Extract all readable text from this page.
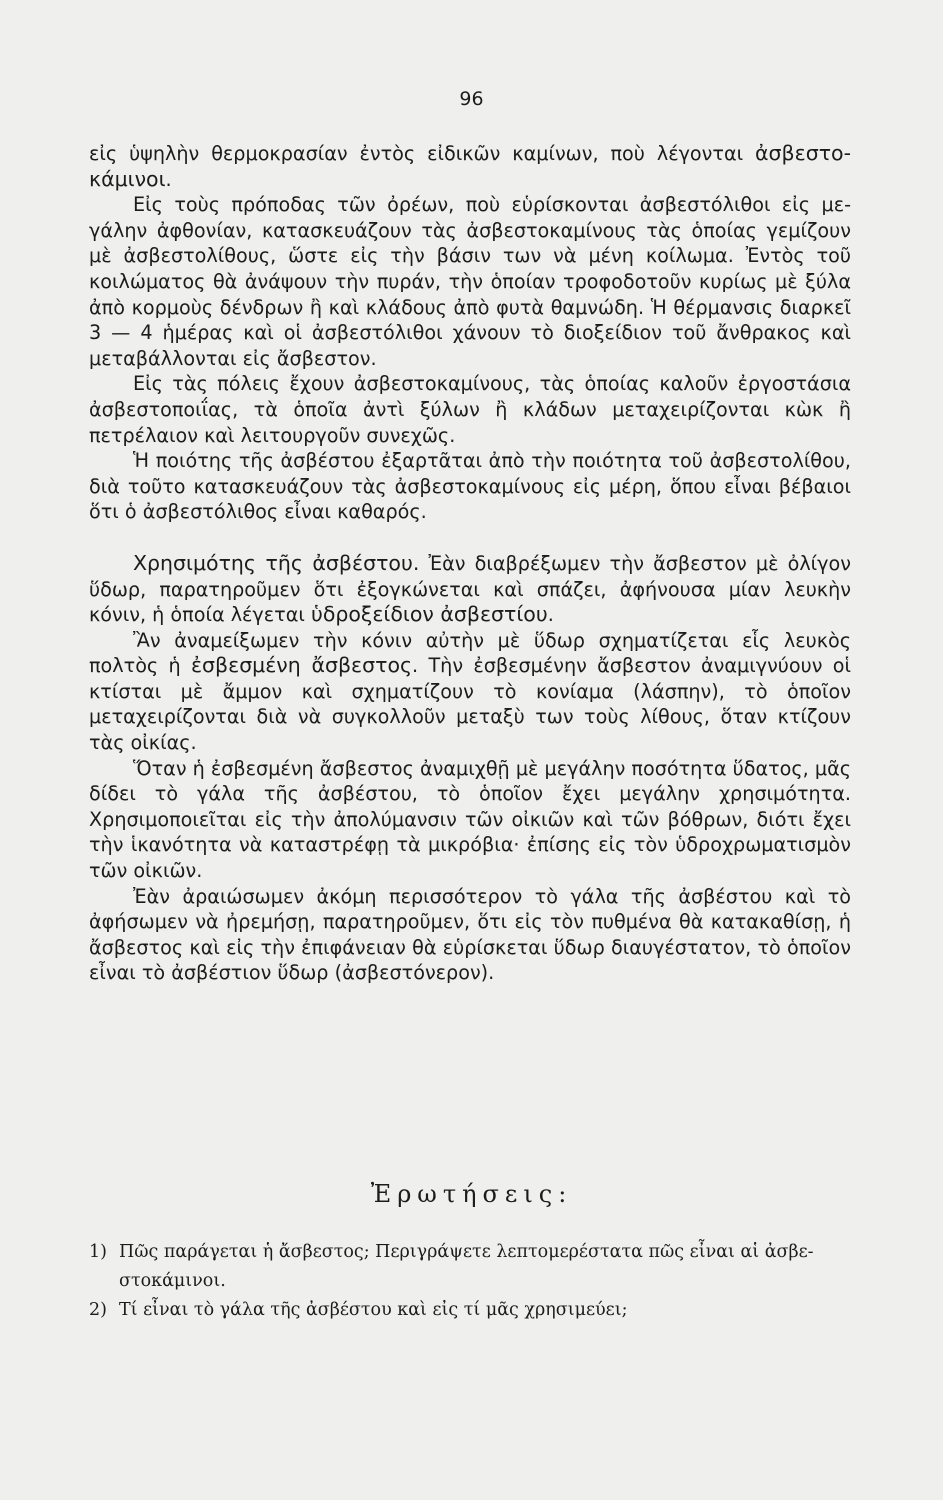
96

εἰς ὑψηλὴν θερμοκρασίαν ἐντὸς εἰδικῶν καμίνων, ποὺ λέγονται ἀσβεστοκάμινοι.

Εἰς τοὺς πρόποδας τῶν ὀρέων, ποὺ εὑρίσκονται ἀσβεστόλιθοι εἰς μεγάλην ἀφθονίαν, κατασκευάζουν τὰς ἀσβεστοκαμίνους τὰς ὁποίας γεμίζουν μὲ ἀσβεστολίθους, ὥστε εἰς τὴν βάσιν των νὰ μένη κοίλωμα. Ἐντὸς τοῦ κοιλώματος θὰ ἀνάψουν τὴν πυράν, τὴν ὁποίαν τροφοδοτοῦν κυρίως μὲ ξύλα ἀπὸ κορμοὺς δένδρων ἢ καὶ κλάδους ἀπὸ φυτὰ θαμνώδη. Ἡ θέρμανσις διαρκεῖ 3 — 4 ἡμέρας καὶ οἱ ἀσβεστόλιθοι χάνουν τὸ διοξείδιον τοῦ ἄνθρακος καὶ μεταβάλλονται εἰς ἄσβεστον.

Εἰς τὰς πόλεις ἔχουν ἀσβεστοκαμίνους, τὰς ὁποίας καλοῦν ἐργοστάσια ἀσβεστοποιΐας, τὰ ὁποῖα ἀντὶ ξύλων ἢ κλάδων μεταχειρίζονται κὼκ ἢ πετρέλαιον καὶ λειτουργοῦν συνεχῶς.

Ἡ ποιότης τῆς ἀσβέστου ἐξαρτᾶται ἀπὸ τὴν ποιότητα τοῦ ἀσβεστολίθου, διὰ τοῦτο κατασκευάζουν τὰς ἀσβεστοκαμίνους εἰς μέρη, ὅπου εἶναι βέβαιοι ὅτι ὁ ἀσβεστόλιθος εἶναι καθαρός.

Χρησιμότης τῆς ἀσβέστου. Ἐὰν διαβρέξωμεν τὴν ἄσβεστον μὲ ὀλίγον ὕδωρ, παρατηροῦμεν ὅτι ἐξογκώνεται καὶ σπάζει, ἀφήνουσα μίαν λευκὴν κόνιν, ἡ ὁποία λέγεται ὑδροξείδιον ἀσβεστίου.

Ἂν ἀναμείξωμεν τὴν κόνιν αὐτὴν μὲ ὕδωρ σχηματίζεται εἷς λευκὸς πολτὸς ἡ ἐσβεσμένη ἄσβεστος. Τὴν ἐσβεσμένην ἄσβεστον ἀναμιγνύουν οἱ κτίσται μὲ ἄμμον καὶ σχηματίζουν τὸ κονίαμα (λάσπην), τὸ ὁποῖον μεταχειρίζονται διὰ νὰ συγκολλοῦν μεταξὺ των τοὺς λίθους, ὅταν κτίζουν τὰς οἰκίας.

Ὅταν ἡ ἐσβεσμένη ἄσβεστος ἀναμιχθῇ μὲ μεγάλην ποσότητα ὕδατος, μᾶς δίδει τὸ γάλα τῆς ἀσβέστου, τὸ ὁποῖον ἔχει μεγάλην χρησιμότητα. Χρησιμοποιεῖται εἰς τὴν ἀπολύμανσιν τῶν οἰκιῶν καὶ τῶν βόθρων, διότι ἔχει τὴν ἱκανότητα νὰ καταστρέφῃ τὰ μικρόβια· ἐπίσης εἰς τὸν ὑδροχρωματισμὸν τῶν οἰκιῶν.

Ἐὰν ἀραιώσωμεν ἀκόμη περισσότερον τὸ γάλα τῆς ἀσβέστου καὶ τὸ ἀφήσωμεν νὰ ἠρεμήσῃ, παρατηροῦμεν, ὅτι εἰς τὸν πυθμένα θὰ κατακαθίσῃ, ἡ ἄσβεστος καὶ εἰς τὴν ἐπιφάνειαν θὰ εὑρίσκεται ὕδωρ διαυγέστατον, τὸ ὁποῖον εἶναι τὸ ἀσβέστιον ὕδωρ (ἀσβεστόνερον).

Ἐρωτήσεις:
1) Πῶς παράγεται ἡ ἄσβεστος; Περιγράψετε λεπτομερέστατα πῶς εἶναι αἱ ἀσβεστοκάμινοι.
2) Τί εἶναι τὸ γάλα τῆς ἀσβέστου καὶ εἰς τί μᾶς χρησιμεύει;
